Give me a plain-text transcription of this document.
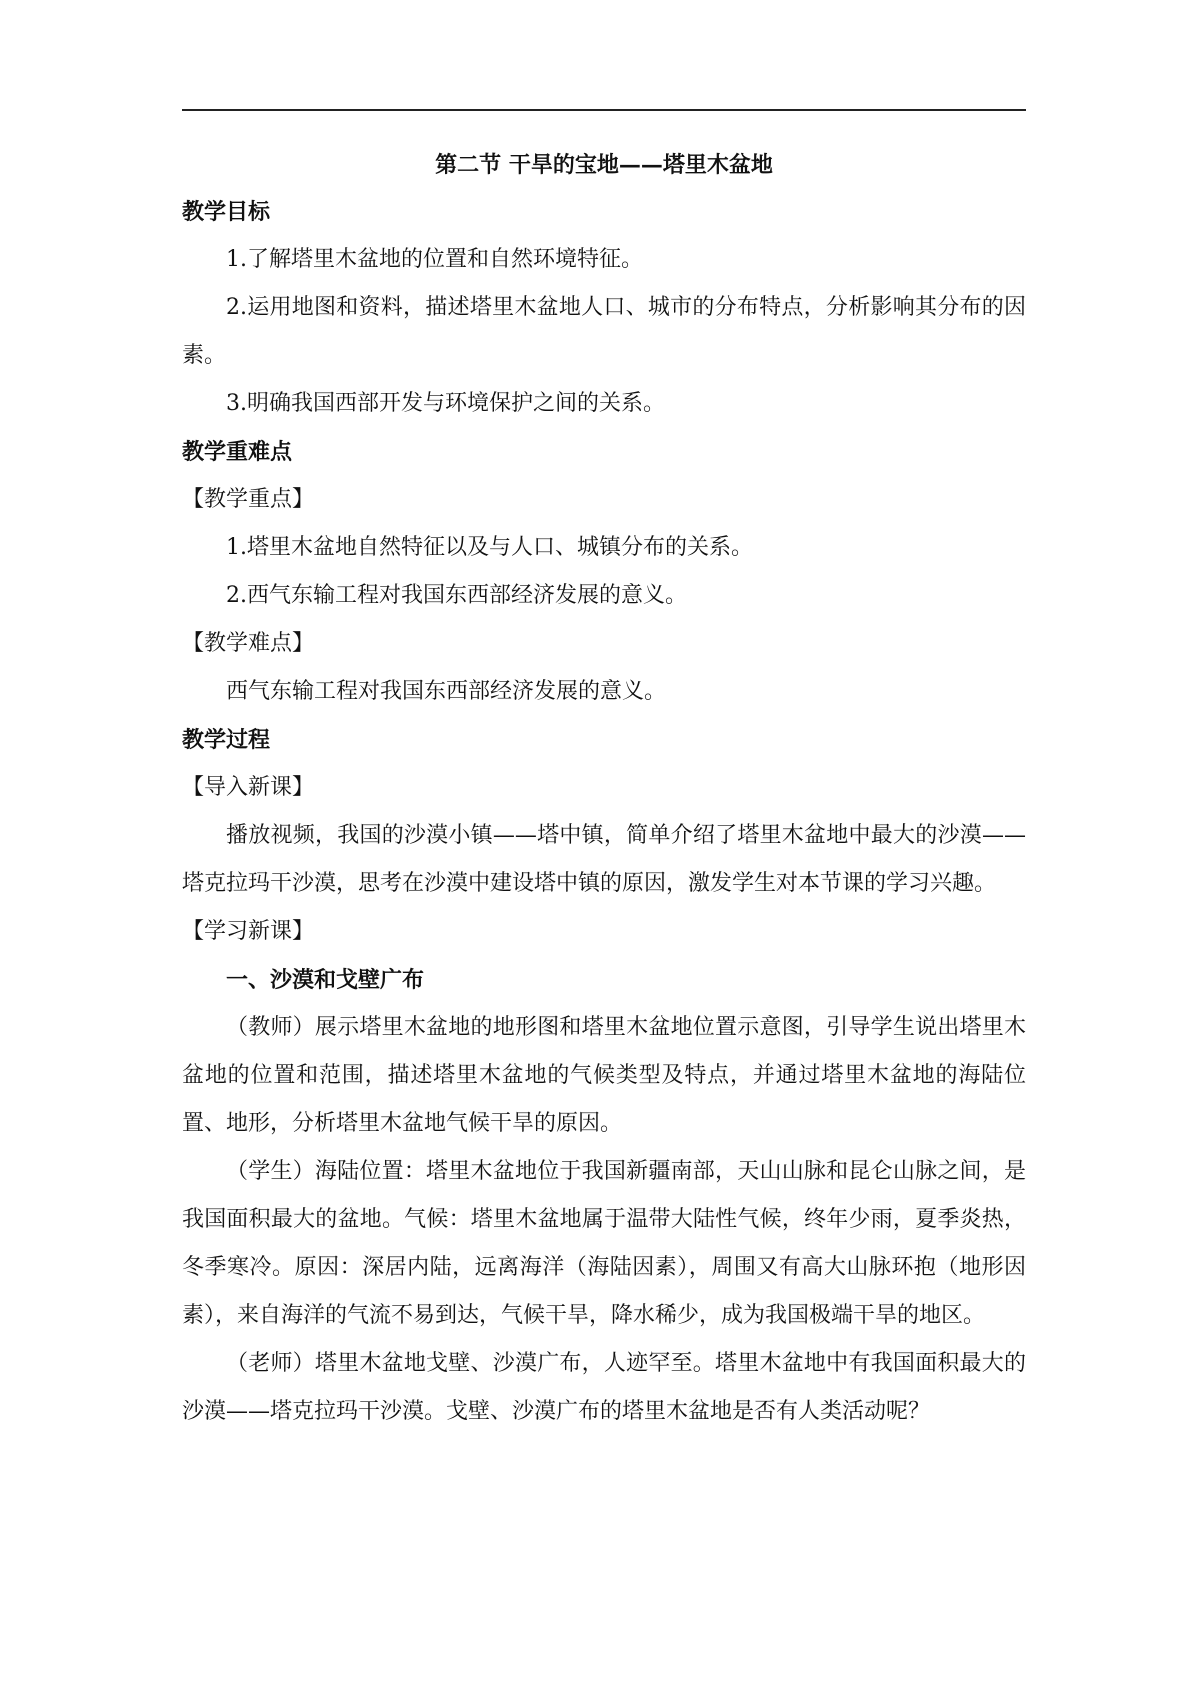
第二节 干旱的宝地——塔里木盆地

教学目标

1.了解塔里木盆地的位置和自然环境特征。

2.运用地图和资料，描述塔里木盆地人口、城市的分布特点，分析影响其分布的因素。

3.明确我国西部开发与环境保护之间的关系。

教学重难点

【教学重点】

1.塔里木盆地自然特征以及与人口、城镇分布的关系。

2.西气东输工程对我国东西部经济发展的意义。

【教学难点】

西气东输工程对我国东西部经济发展的意义。

教学过程

【导入新课】

播放视频，我国的沙漠小镇——塔中镇，简单介绍了塔里木盆地中最大的沙漠——塔克拉玛干沙漠，思考在沙漠中建设塔中镇的原因，激发学生对本节课的学习兴趣。

【学习新课】

一、沙漠和戈壁广布

（教师）展示塔里木盆地的地形图和塔里木盆地位置示意图，引导学生说出塔里木盆地的位置和范围，描述塔里木盆地的气候类型及特点，并通过塔里木盆地的海陆位置、地形，分析塔里木盆地气候干旱的原因。

（学生）海陆位置：塔里木盆地位于我国新疆南部，天山山脉和昆仑山脉之间，是我国面积最大的盆地。气候：塔里木盆地属于温带大陆性气候，终年少雨，夏季炎热，冬季寒冷。原因：深居内陆，远离海洋（海陆因素），周围又有高大山脉环抱（地形因素），来自海洋的气流不易到达，气候干旱，降水稀少，成为我国极端干旱的地区。

（老师）塔里木盆地戈壁、沙漠广布，人迹罕至。塔里木盆地中有我国面积最大的沙漠——塔克拉玛干沙漠。戈壁、沙漠广布的塔里木盆地是否有人类活动呢？
